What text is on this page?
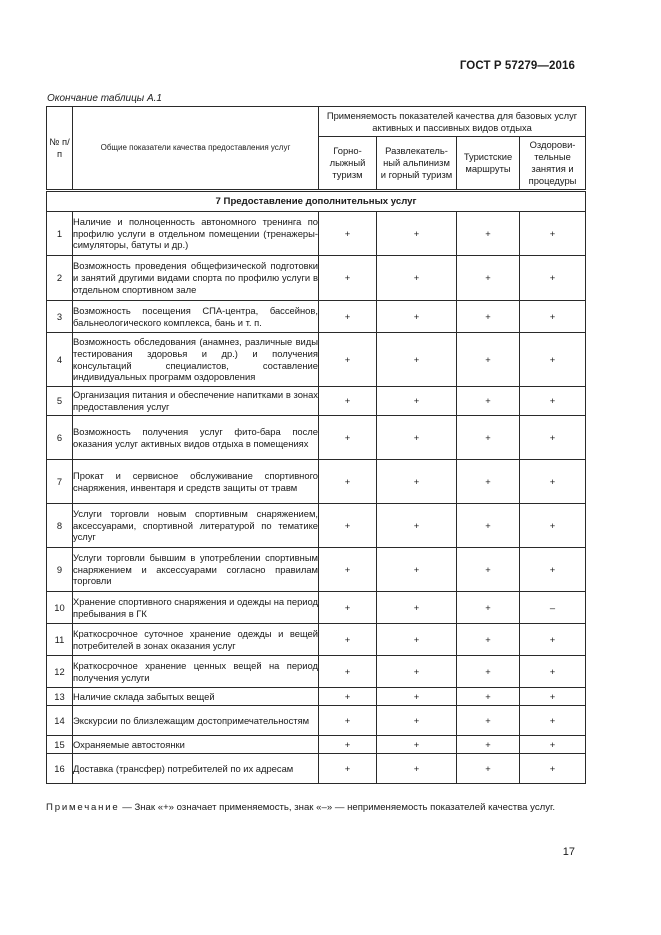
ГОСТ Р 57279—2016
Окончание таблицы А.1
№ п/п	Общие показатели качества предоставления услуг	Применяемость показателей качества для базовых услуг активных и пассивных видов отдыха			
		Горно-лыжный туризм	Развлекатель-ный альпинизм и горный туризм	Туристские маршруты	Оздорови-тельные занятия и процедуры
7 Предоставление дополнительных услуг					
1	Наличие и полноценность автономного тренинга по профилю услуги в отдельном помещении (тренажеры-симуляторы, батуты и др.)	+	+	+	+
2	Возможность проведения общефизической подготовки и занятий другими видами спорта по профилю услуги в отдельном спортивном зале	+	+	+	+
3	Возможность посещения СПА-центра, бассейнов, бальнеологического комплекса, бань и т. п.	+	+	+	+
4	Возможность обследования (анамнез, различные виды тестирования здоровья и др.) и получения консультаций специалистов, составление индивидуальных программ оздоровления	+	+	+	+
5	Организация питания и обеспечение напитками в зонах предоставления услуг	+	+	+	+
6	Возможность получения услуг фито-бара после оказания услуг активных видов отдыха в помещениях	+	+	+	+
7	Прокат и сервисное обслуживание спортивного снаряжения, инвентаря и средств защиты от травм	+	+	+	+
8	Услуги торговли новым спортивным снаряжением, аксессуарами, спортивной литературой по тематике услуг	+	+	+	+
9	Услуги торговли бывшим в употреблении спортивным снаряжением и аксессуарами согласно правилам торговли	+	+	+	+
10	Хранение спортивного снаряжения и одежды на период пребывания в ГК	+	+	+	–
11	Краткосрочное суточное хранение одежды и вещей потребителей в зонах оказания услуг	+	+	+	+
12	Краткосрочное хранение ценных вещей на период получения услуги	+	+	+	+
13	Наличие склада забытых вещей	+	+	+	+
14	Экскурсии по близлежащим достопримечательностям	+	+	+	+
15	Охраняемые автостоянки	+	+	+	+
16	Доставка (трансфер) потребителей по их адресам	+	+	+	+
Примечание — Знак «+» означает применяемость, знак «–» — неприменяемость показателей качества услуг.
17
